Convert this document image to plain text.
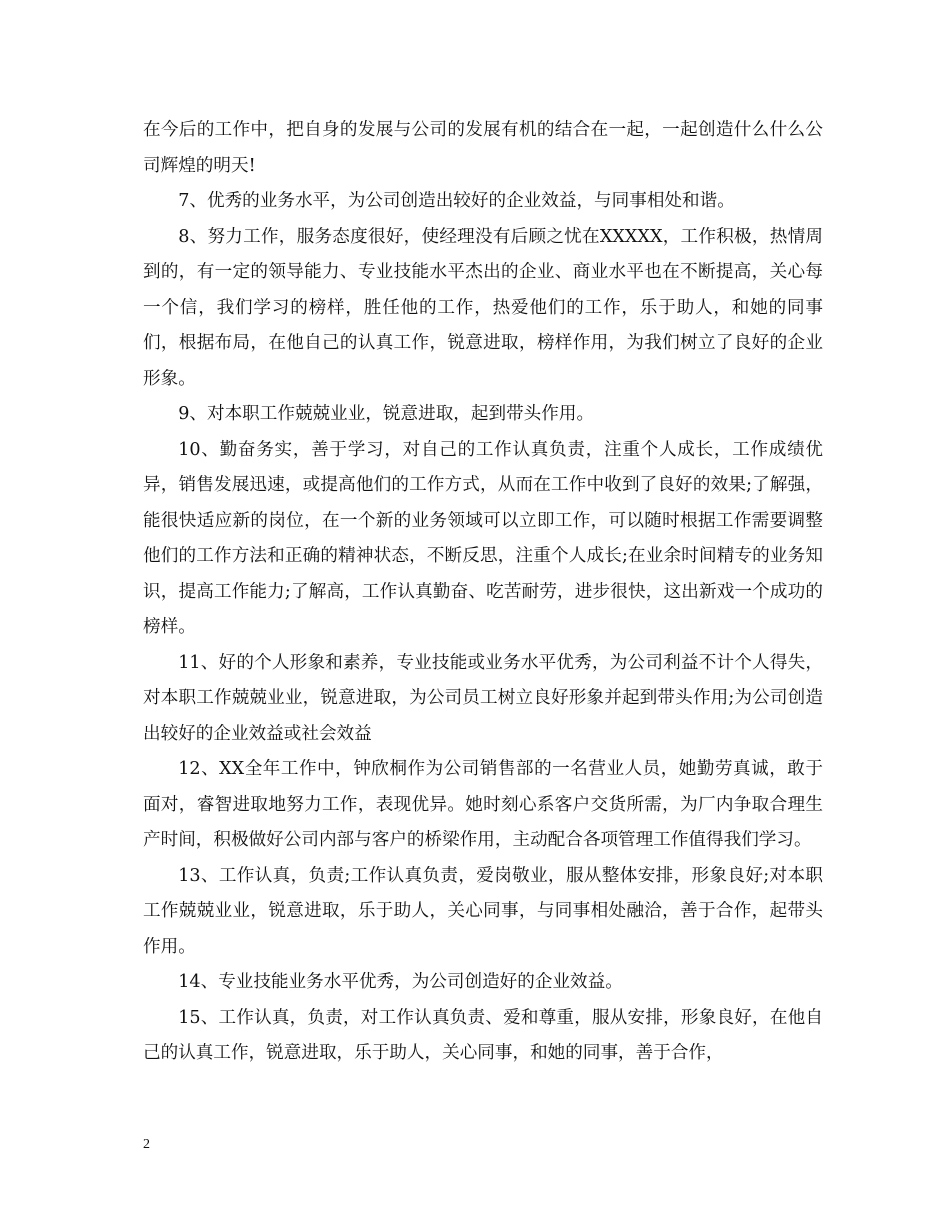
在今后的工作中，把自身的发展与公司的发展有机的结合在一起，一起创造什么什么公司辉煌的明天!

7、优秀的业务水平，为公司创造出较好的企业效益，与同事相处和谐。

8、努力工作，服务态度很好，使经理没有后顾之忧在XXXXX，工作积极，热情周到的，有一定的领导能力、专业技能水平杰出的企业、商业水平也在不断提高，关心每一个信，我们学习的榜样，胜任他的工作，热爱他们的工作，乐于助人，和她的同事们，根据布局，在他自己的认真工作，锐意进取，榜样作用，为我们树立了良好的企业形象。

9、对本职工作兢兢业业，锐意进取，起到带头作用。

10、勤奋务实，善于学习，对自己的工作认真负责，注重个人成长，工作成绩优异，销售发展迅速，或提高他们的工作方式，从而在工作中收到了良好的效果;了解强，能很快适应新的岗位，在一个新的业务领域可以立即工作，可以随时根据工作需要调整他们的工作方法和正确的精神状态，不断反思，注重个人成长;在业余时间精专的业务知识，提高工作能力;了解高，工作认真勤奋、吃苦耐劳，进步很快，这出新戏一个成功的榜样。

11、好的个人形象和素养，专业技能或业务水平优秀，为公司利益不计个人得失，对本职工作兢兢业业，锐意进取，为公司员工树立良好形象并起到带头作用;为公司创造出较好的企业效益或社会效益

12、XX全年工作中，钟欣桐作为公司销售部的一名营业人员，她勤劳真诚，敢于面对，睿智进取地努力工作，表现优异。她时刻心系客户交货所需，为厂内争取合理生产时间，积极做好公司内部与客户的桥梁作用，主动配合各项管理工作值得我们学习。

13、工作认真，负责;工作认真负责，爱岗敬业，服从整体安排，形象良好;对本职工作兢兢业业，锐意进取，乐于助人，关心同事，与同事相处融洽，善于合作，起带头作用。

14、专业技能业务水平优秀，为公司创造好的企业效益。

15、工作认真，负责，对工作认真负责、爱和尊重，服从安排，形象良好，在他自己的认真工作，锐意进取，乐于助人，关心同事，和她的同事，善于合作，

2
